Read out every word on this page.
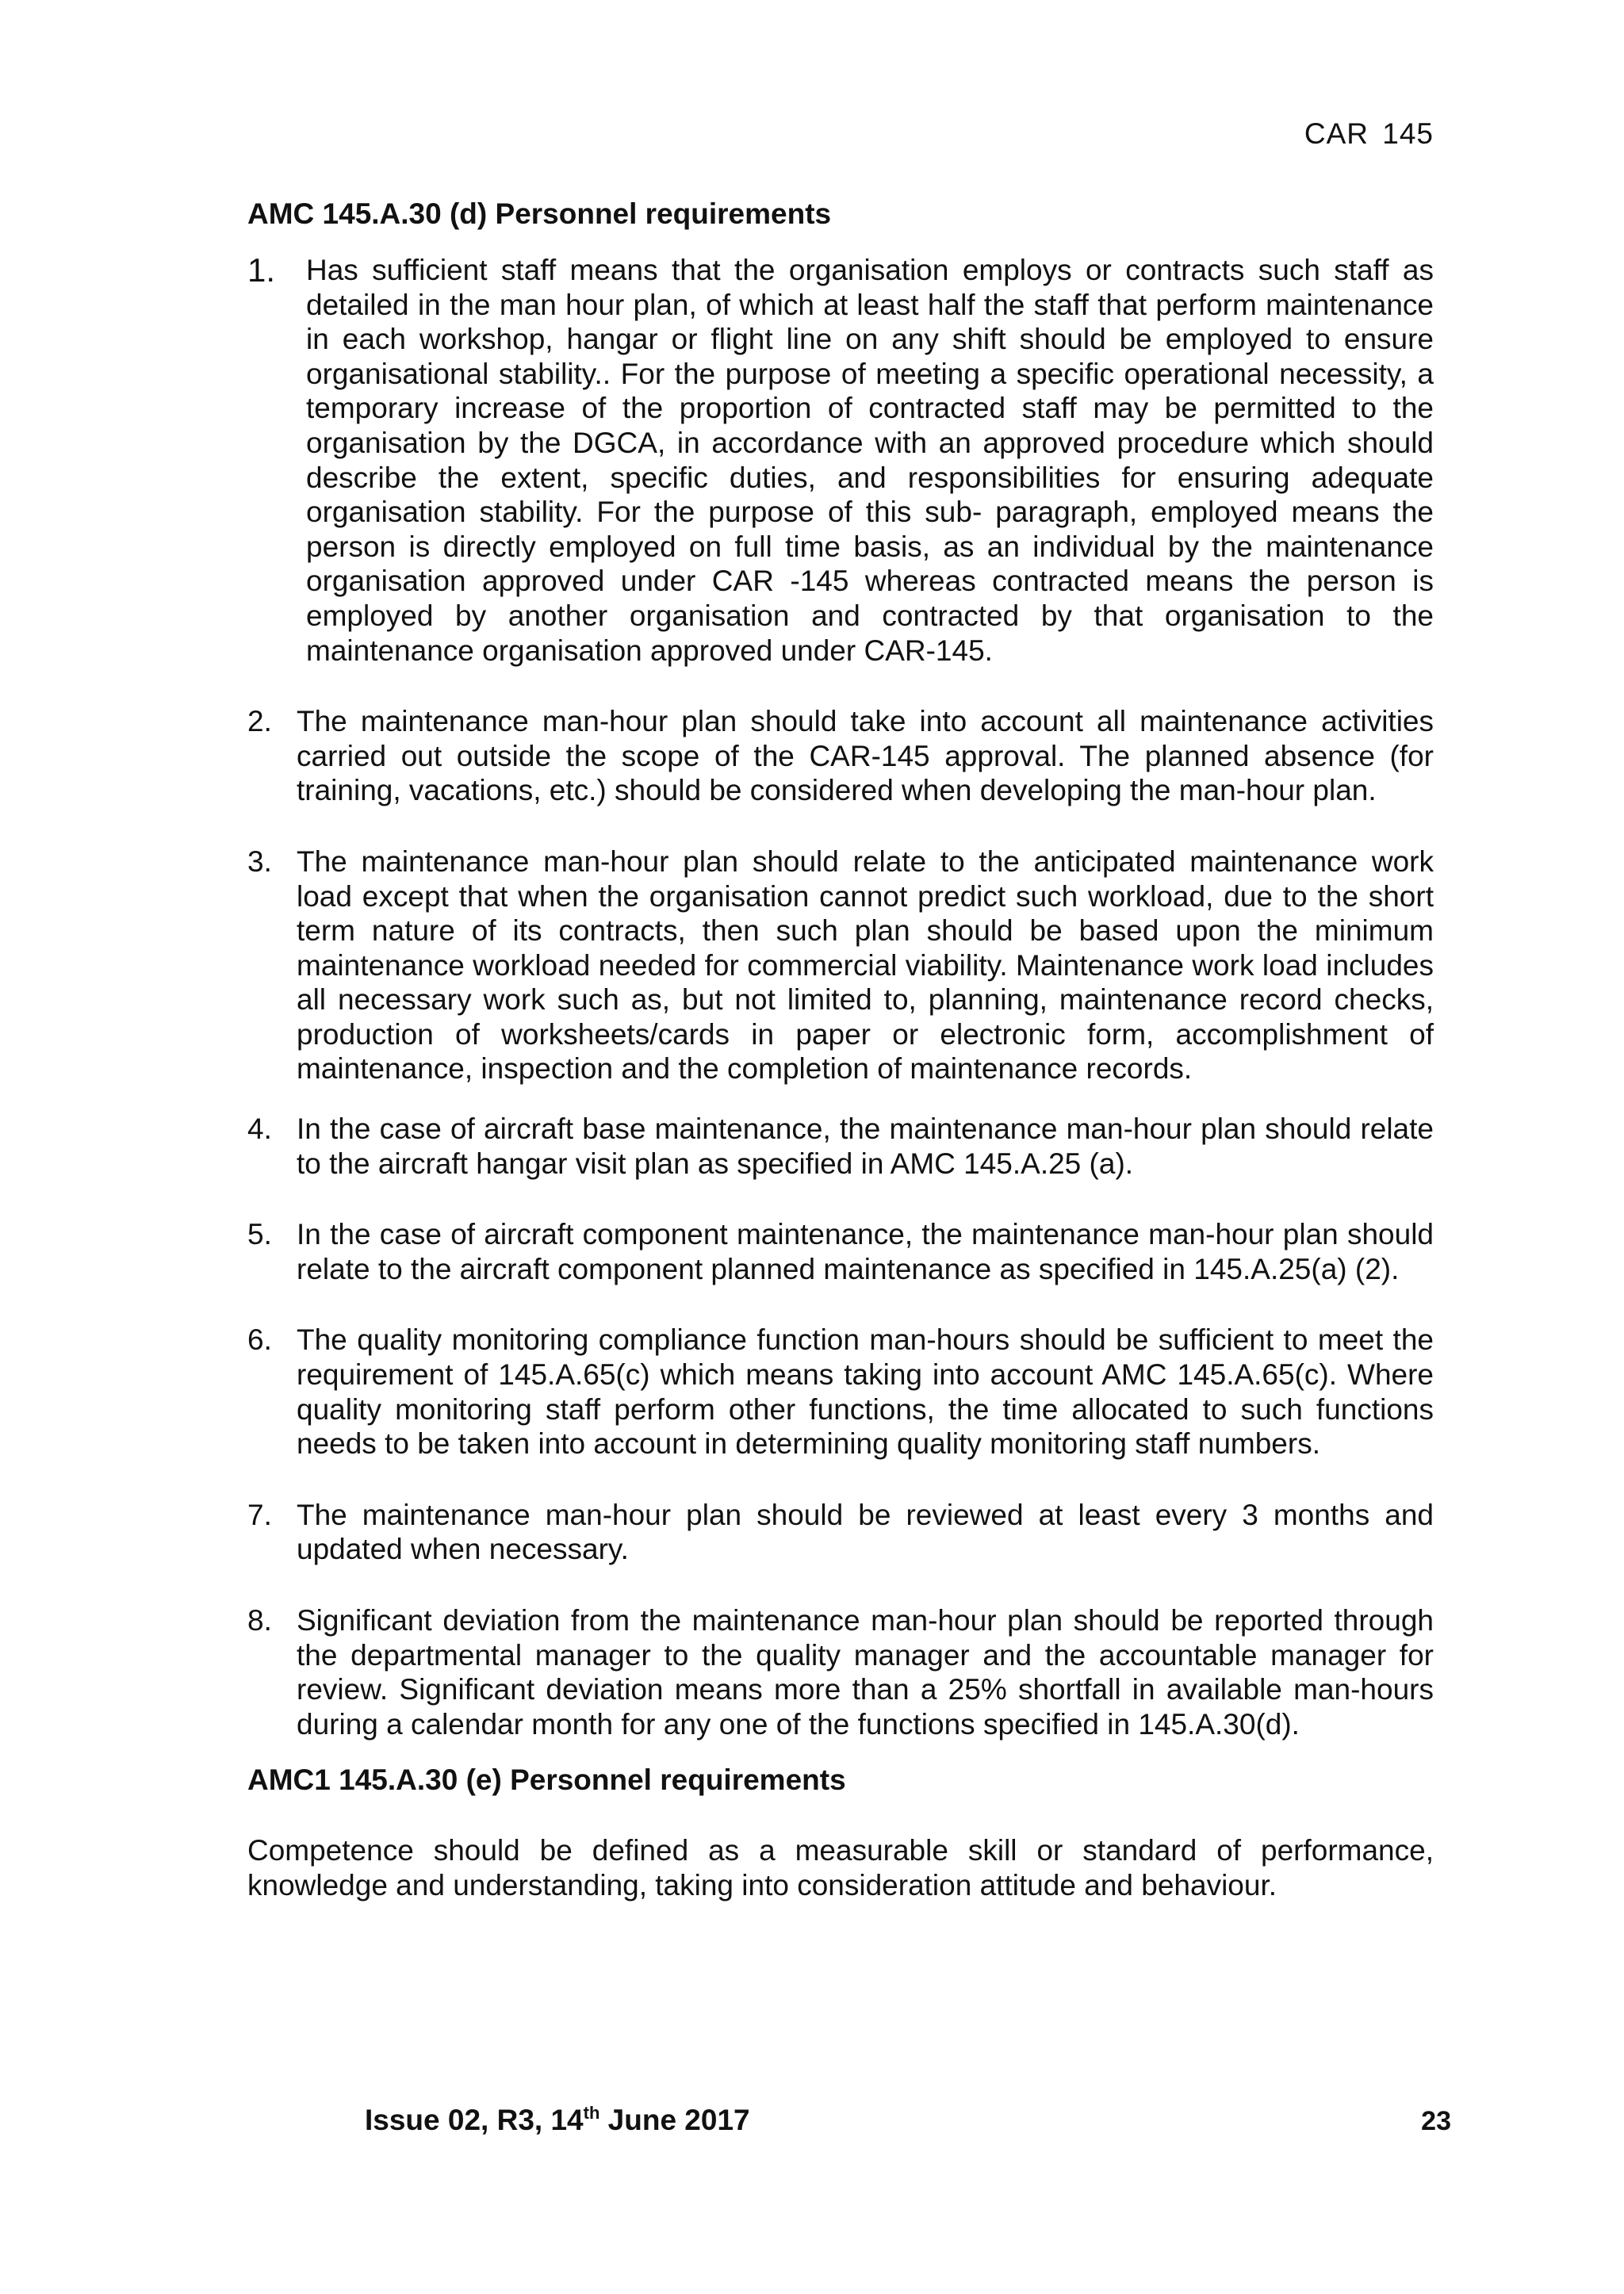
CAR 145
AMC 145.A.30 (d) Personnel requirements
1. Has sufficient staff means that the organisation employs or contracts such staff as detailed in the man hour plan, of which at least half the staff that perform maintenance in each workshop, hangar or flight line on any shift should be employed to ensure organisational stability.. For the purpose of meeting a specific operational necessity, a temporary increase of the proportion of contracted staff may be permitted to the organisation by the DGCA, in accordance with an approved procedure which should describe the extent, specific duties, and responsibilities for ensuring adequate organisation stability. For the purpose of this sub- paragraph, employed means the person is directly employed on full time basis, as an individual by the maintenance organisation approved under CAR -145 whereas contracted means the person is employed by another organisation and contracted by that organisation to the maintenance organisation approved under CAR-145.
2. The maintenance man-hour plan should take into account all maintenance activities carried out outside the scope of the CAR-145 approval. The planned absence (for training, vacations, etc.) should be considered when developing the man-hour plan.
3. The maintenance man-hour plan should relate to the anticipated maintenance work load except that when the organisation cannot predict such workload, due to the short term nature of its contracts, then such plan should be based upon the minimum maintenance workload needed for commercial viability. Maintenance work load includes all necessary work such as, but not limited to, planning, maintenance record checks, production of worksheets/cards in paper or electronic form, accomplishment of maintenance, inspection and the completion of maintenance records.
4. In the case of aircraft base maintenance, the maintenance man-hour plan should relate to the aircraft hangar visit plan as specified in AMC 145.A.25 (a).
5. In the case of aircraft component maintenance, the maintenance man-hour plan should relate to the aircraft component planned maintenance as specified in 145.A.25(a) (2).
6. The quality monitoring compliance function man-hours should be sufficient to meet the requirement of 145.A.65(c) which means taking into account AMC 145.A.65(c). Where quality monitoring staff perform other functions, the time allocated to such functions needs to be taken into account in determining quality monitoring staff numbers.
7. The maintenance man-hour plan should be reviewed at least every 3 months and updated when necessary.
8. Significant deviation from the maintenance man-hour plan should be reported through the departmental manager to the quality manager and the accountable manager for review. Significant deviation means more than a 25% shortfall in available man-hours during a calendar month for any one of the functions specified in 145.A.30(d).
AMC1 145.A.30 (e) Personnel requirements

Competence should be defined as a measurable skill or standard of performance, knowledge and understanding, taking into consideration attitude and behaviour.

Issue 02, R3, 14th June 2017	23
